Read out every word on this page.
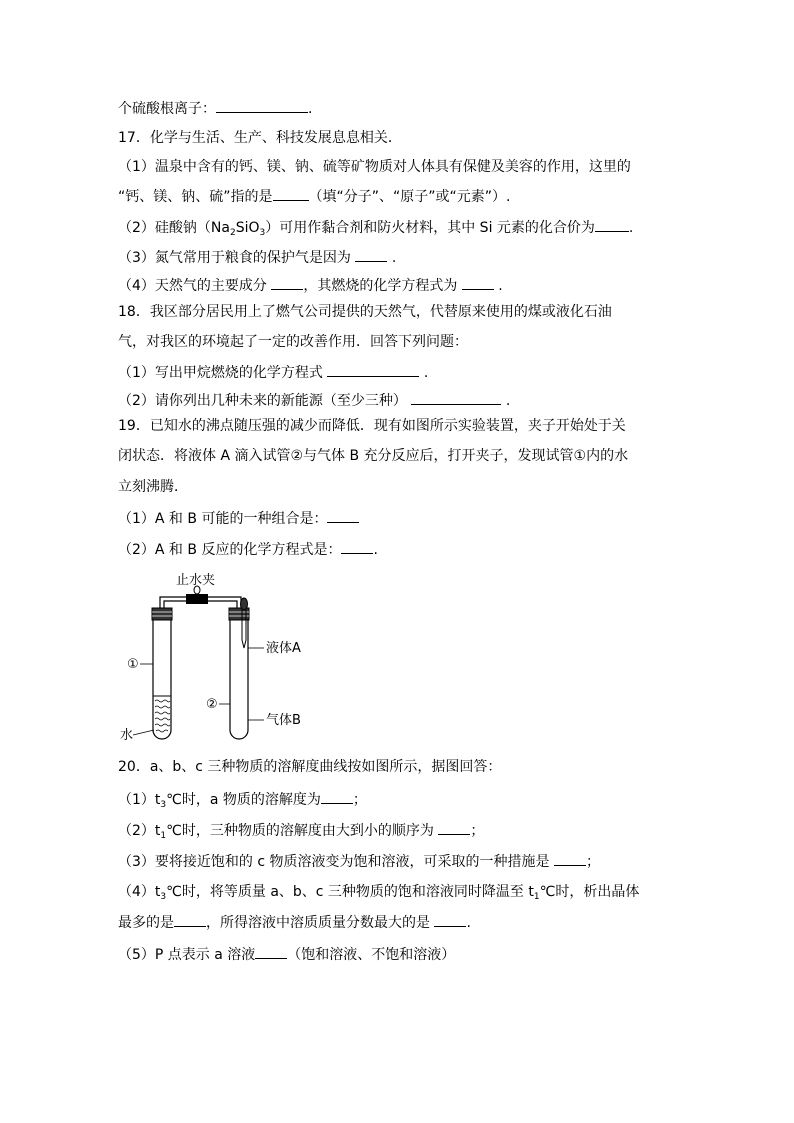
个硫酸根离子：	.
17．化学与生活、生产、科技发展息息相关．
（1）温泉中含有的钙、镁、钠、硫等矿物质对人体具有保健及美容的作用，这里的
“钙、镁、钠、硫”指的是	（填“分子”、“原子”或“元素”）.
（2）硅酸钠$(Na_2SiO_3)$可用作黏合剂和防火材料，其中 Si 元素的化合价为 .
（3）氮气常用于粮食的保护气是因为	.
（4）天然气的主要成分	，其燃烧的化学方程式为	.
18．我区部分居民用上了燃气公司提供的天然气，代替原来使用的煤或液化石油
气，对我区的环境起了一定的改善作用．回答下列问题：
（1）写出甲烷燃烧的化学方程式	.
（2）请你列出几种未来的新能源（至少三种）	.
19．已知水的沸点随压强的减少而降低．现有如图所示实验装置，夹子开始处于关
闭状态．将液体 A 滴入试管②与气体 B 充分反应后，打开夹子，发现试管①内的水
立刻沸腾．
（1）A 和 B 可能的一种组合是：
（2）A 和 B 反应的化学方程式是： .
止水夹
①
②
液体A
气体B
水
20．a、b、c 三种物质的溶解度曲线按如图所示，据图回答：
$(1)t_3℃$时，a 物质的溶解度为 ；
$(2)t_1℃$时，三种物质的溶解度由大到小的顺序为	；
（3）要将接近饱和的 c 物质溶液变为饱和溶液，可采取的一种措施是	；
$(4)t_3℃$时，将等质量 a、b、c 三种物质的饱和溶液同时降温至 $t_1℃$时，析出晶体
最多的是 ，所得溶液中溶质质量分数最大的是	.
（5）P 点表示 a 溶液 （饱和溶液、不饱和溶液）
